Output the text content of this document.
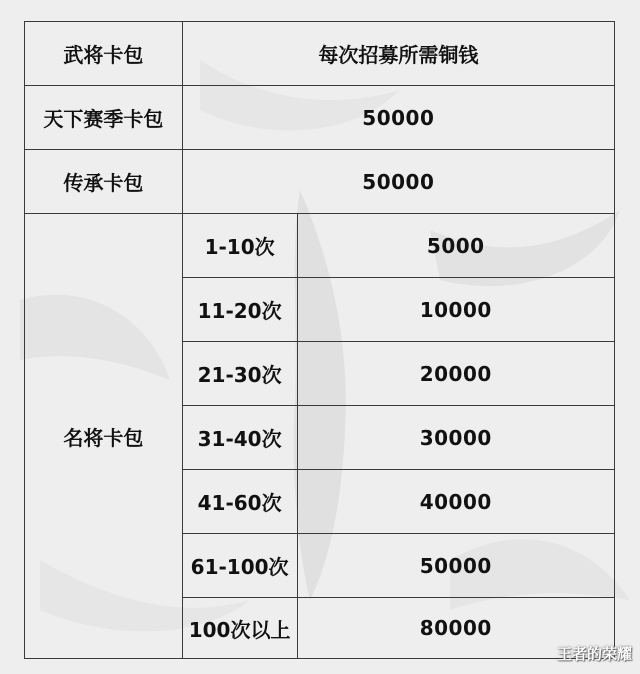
武将卡包	每次招募所需铜钱	
天下赛季卡包	50000	
传承卡包	50000	
名将卡包	1-10次	5000
	11-20次	10000
	21-30次	20000
	31-40次	30000
	41-60次	40000
	61-100次	50000
	100次以上	80000
王者的荣耀
